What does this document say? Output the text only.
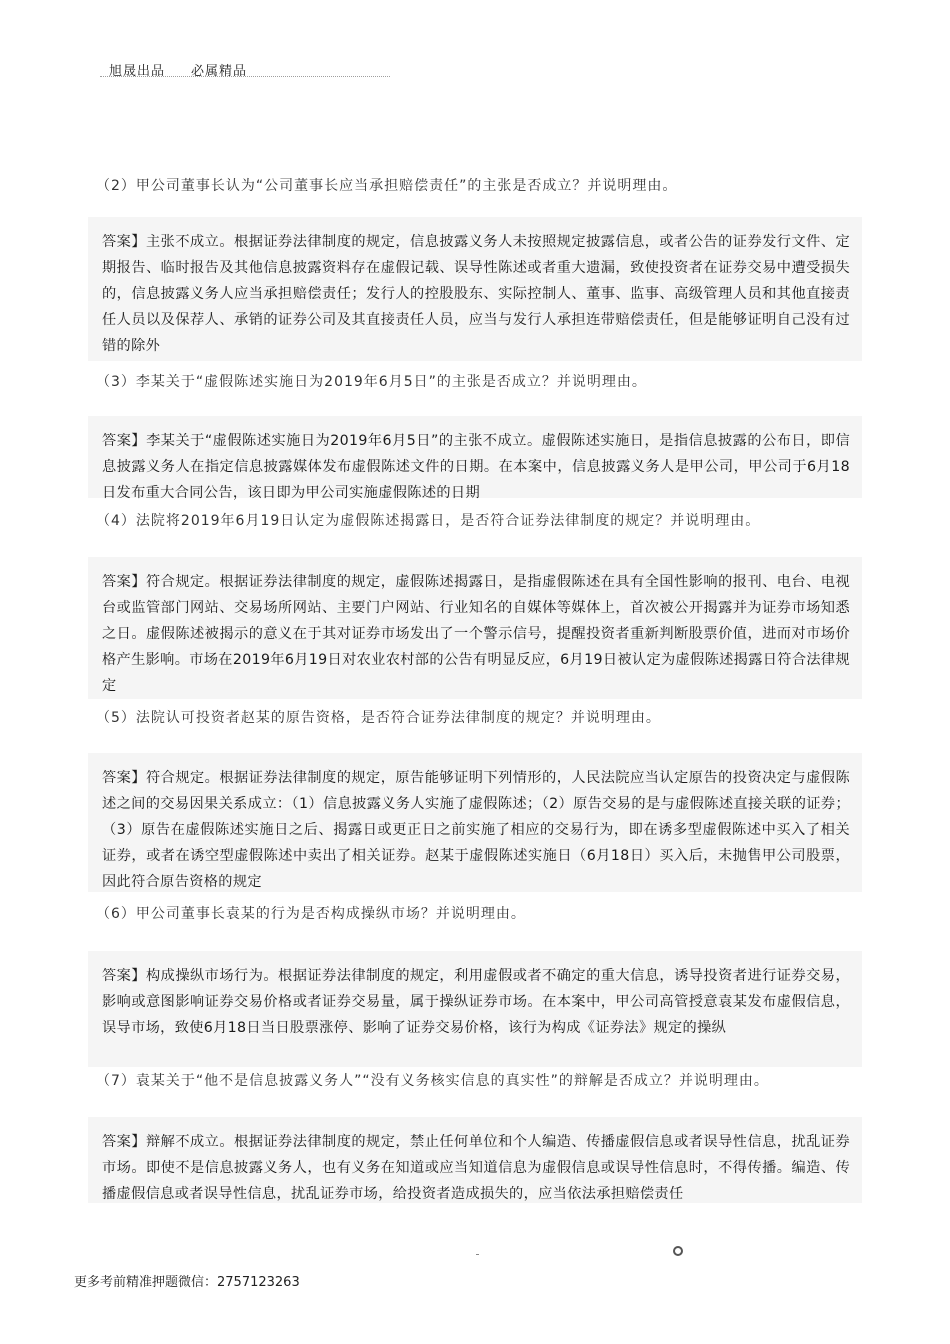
旭晟出品 必属精品
（2）甲公司董事长认为“公司董事长应当承担赔偿责任”的主张是否成立？并说明理由。

答案】主张不成立。根据证券法律制度的规定，信息披露义务人未按照规定披露信息，或者公告的证券发行文件、定期报告、临时报告及其他信息披露资料存在虚假记载、误导性陈述或者重大遗漏，致使投资者在证券交易中遭受损失的，信息披露义务人应当承担赔偿责任；发行人的控股股东、实际控制人、董事、监事、高级管理人员和其他直接责任人员以及保荐人、承销的证券公司及其直接责任人员，应当与发行人承担连带赔偿责任，但是能够证明自己没有过错的除外

（3）李某关于“虚假陈述实施日为2019年6月5日”的主张是否成立？并说明理由。

答案】李某关于“虚假陈述实施日为2019年6月5日”的主张不成立。虚假陈述实施日，是指信息披露的公布日，即信息披露义务人在指定信息披露媒体发布虚假陈述文件的日期。在本案中，信息披露义务人是甲公司，甲公司于6月18日发布重大合同公告，该日即为甲公司实施虚假陈述的日期

（4）法院将2019年6月19日认定为虚假陈述揭露日，是否符合证券法律制度的规定？并说明理由。

答案】符合规定。根据证券法律制度的规定，虚假陈述揭露日，是指虚假陈述在具有全国性影响的报刊、电台、电视台或监管部门网站、交易场所网站、主要门户网站、行业知名的自媒体等媒体上，首次被公开揭露并为证券市场知悉之日。虚假陈述被揭示的意义在于其对证券市场发出了一个警示信号，提醒投资者重新判断股票价值，进而对市场价格产生影响。市场在2019年6月19日对农业农村部的公告有明显反应，6月19日被认定为虚假陈述揭露日符合法律规定

（5）法院认可投资者赵某的原告资格，是否符合证券法律制度的规定？并说明理由。

答案】符合规定。根据证券法律制度的规定，原告能够证明下列情形的，人民法院应当认定原告的投资决定与虚假陈述之间的交易因果关系成立：（1）信息披露义务人实施了虚假陈述；（2）原告交易的是与虚假陈述直接关联的证券；（3）原告在虚假陈述实施日之后、揭露日或更正日之前实施了相应的交易行为，即在诱多型虚假陈述中买入了相关证券，或者在诱空型虚假陈述中卖出了相关证券。赵某于虚假陈述实施日（6月18日）买入后，未抛售甲公司股票，因此符合原告资格的规定

（6）甲公司董事长袁某的行为是否构成操纵市场？并说明理由。

答案】构成操纵市场行为。根据证券法律制度的规定，利用虚假或者不确定的重大信息，诱导投资者进行证券交易，影响或意图影响证券交易价格或者证券交易量，属于操纵证券市场。在本案中，甲公司高管授意袁某发布虚假信息，误导市场，致使6月18日当日股票涨停、影响了证券交易价格，该行为构成《证券法》规定的操纵

（7）袁某关于“他不是信息披露义务人”“没有义务核实信息的真实性”的辩解是否成立？并说明理由。

答案】辩解不成立。根据证券法律制度的规定，禁止任何单位和个人编造、传播虚假信息或者误导性信息，扰乱证券市场。即使不是信息披露义务人，也有义务在知道或应当知道信息为虚假信息或误导性信息时，不得传播。编造、传播虚假信息或者误导性信息，扰乱证券市场，给投资者造成损失的，应当依法承担赔偿责任

更多考前精准押题微信：2757123263
